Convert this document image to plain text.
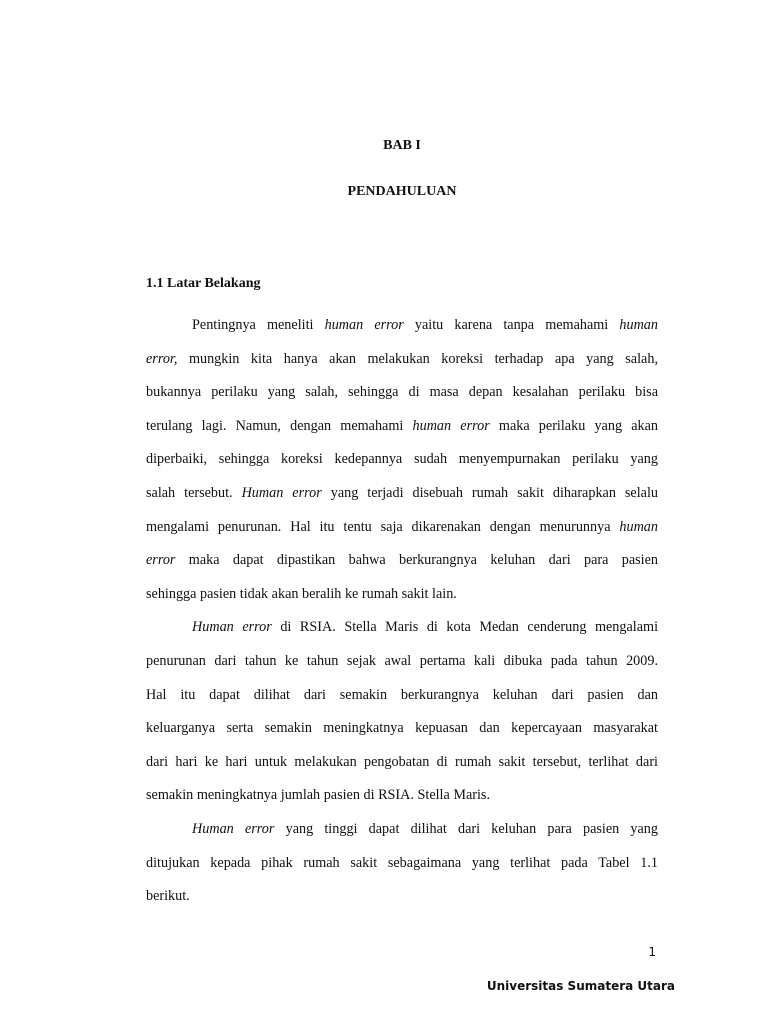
BAB I
PENDAHULUAN
1.1 Latar Belakang
Pentingnya meneliti human error yaitu karena tanpa memahami human
error, mungkin kita hanya akan melakukan koreksi terhadap apa yang salah,
bukannya perilaku yang salah, sehingga di masa depan kesalahan perilaku bisa
terulang lagi. Namun, dengan memahami human error maka perilaku yang akan
diperbaiki, sehingga koreksi kedepannya sudah menyempurnakan perilaku yang
salah tersebut. Human error yang terjadi disebuah rumah sakit diharapkan selalu
mengalami penurunan. Hal itu tentu saja dikarenakan dengan menurunnya human
error maka dapat dipastikan bahwa berkurangnya keluhan dari para pasien
sehingga pasien tidak akan beralih ke rumah sakit lain.
Human error di RSIA. Stella Maris di kota Medan cenderung mengalami
penurunan dari tahun ke tahun sejak awal pertama kali dibuka pada tahun 2009.
Hal itu dapat dilihat dari semakin berkurangnya keluhan dari pasien dan
keluarganya serta semakin meningkatnya kepuasan dan kepercayaan masyarakat
dari hari ke hari untuk melakukan pengobatan di rumah sakit tersebut, terlihat dari
semakin meningkatnya jumlah pasien di RSIA. Stella Maris.
Human error yang tinggi dapat dilihat dari keluhan para pasien yang
ditujukan kepada pihak rumah sakit sebagaimana yang terlihat pada Tabel 1.1
berikut.
1
Universitas Sumatera Utara
